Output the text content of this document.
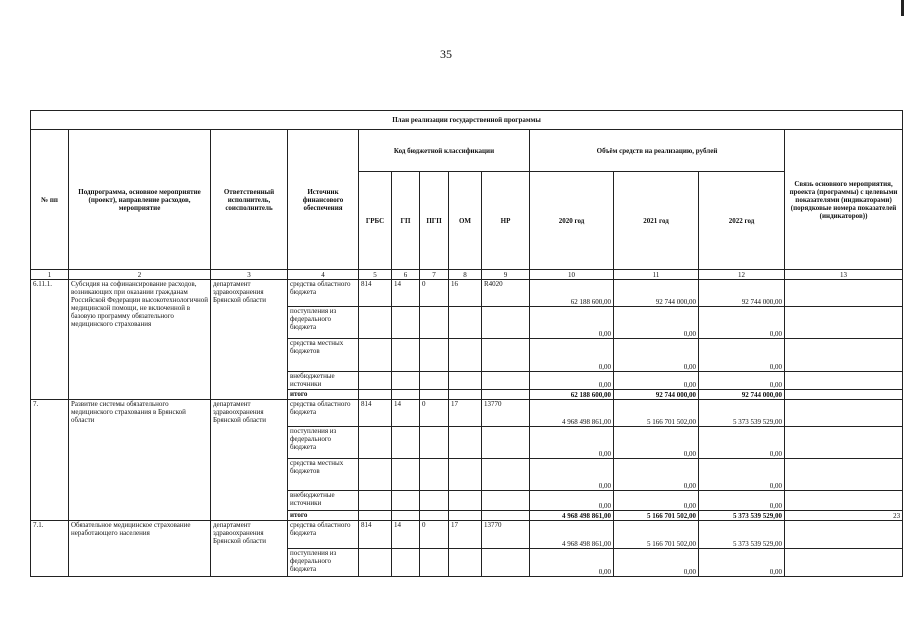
35
План реализации государственной программы												
№ пп	Подпрограмма, основное мероприятие (проект), направление расходов, мероприятие	Ответственный исполнитель, соисполнитель	Источник финансового обеспечения	Код бюджетной классификации					Объём средств на реализацию, рублей			Связь основного мероприятия, проекта (программы) с целевыми показателями (индикаторами) (порядковые номера показателей (индикаторов))
				ГРБС	ГП	ПГП	ОМ	НР	2020 год	2021 год	2022 год	
1	2	3	4	5	6	7	8	9	10	11	12	13
6.11.1.	Субсидия на софинансирование расходов, возникающих при оказании гражданам Российской Федерации высокотехнологичной медицинской помощи, не включенной в базовую программу обязательного медицинского страхования	департамент здравоохранения Брянской области	средства областного бюджета	814	14	0	16	R4020	62 188 600,00	92 744 000,00	92 744 000,00	
			поступления из федерального бюджета						0,00	0,00	0,00	
			средства местных бюджетов						0,00	0,00	0,00	
			внебюджетные источники						0,00	0,00	0,00	
			итого						62 188 600,00	92 744 000,00	92 744 000,00	
7.	Развитие системы обязательного медицинского страхования в Брянской области	департамент здравоохранения Брянской области	средства областного бюджета	814	14	0	17	13770	4 968 498 861,00	5 166 701 502,00	5 373 539 529,00	
			поступления из федерального бюджета						0,00	0,00	0,00	
			средства местных бюджетов						0,00	0,00	0,00	
			внебюджетные источники						0,00	0,00	0,00	
			итого						4 968 498 861,00	5 166 701 502,00	5 373 539 529,00	23
7.1.	Обязательное медицинское страхование неработающего населения	департамент здравоохранения Брянской области	средства областного бюджета	814	14	0	17	13770	4 968 498 861,00	5 166 701 502,00	5 373 539 529,00	
			поступления из федерального бюджета						0,00	0,00	0,00	
